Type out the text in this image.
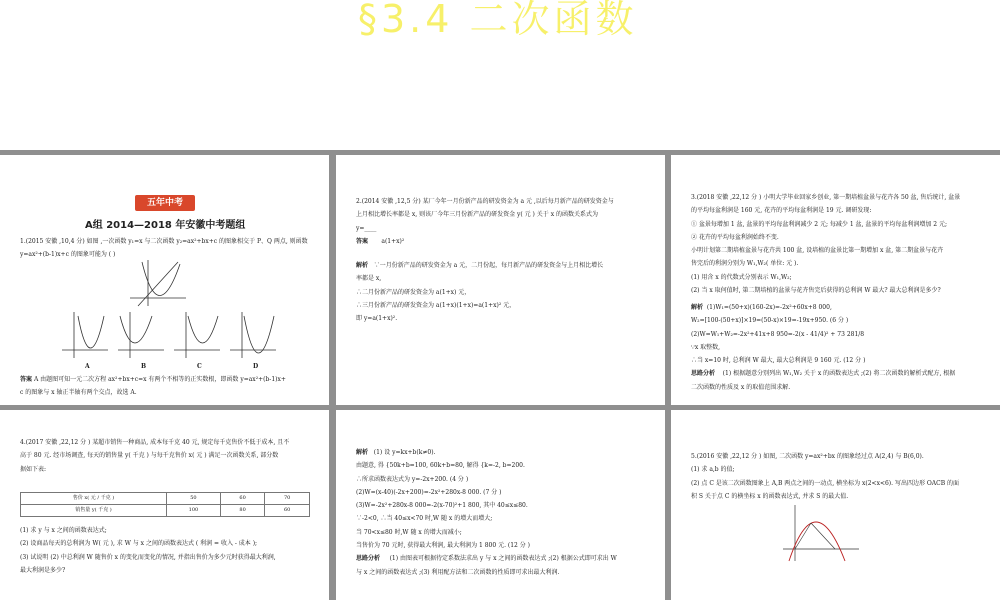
§3.4 二次函数
五年中考
A组 2014—2018 年安徽中考题组

1.(2015 安徽 ,10,4 分) 如图 ,一次函数 y₁=x 与二次函数 y₂=ax²+bx+c 的图象相交于 P、Q 两点, 则函数

y=ax²+(b-1)x+c 的图象可能为 ( )

A	B	C	D

答案 A 由题图可知一元二次方程 ax²+bx+c=x 有两个不相等的正实数根，即函数 y=ax²+(b-1)x+

c 的图象与 x 轴正半轴有两个交点，故选 A.

2.(2014 安徽 ,12,5 分) 某厂今年一月份新产品的研发资金为 a 元 ,以后每月新产品的研发资金与

上月相比增长率都是 x, 则该厂今年三月份新产品的研发资金 y( 元 ) 关于 x 的函数关系式为

y=____

答案 a(1+x)²

解析 ∵一月份新产品的研发资金为 a 元，二月份起，每月新产品的研发资金与上月相比增长

率都是 x,

∴二月份新产品的研发资金为 a(1+x) 元，

∴三月份新产品的研发资金为 a(1+x)(1+x)=a(1+x)² 元，

即 y=a(1+x)².

3.(2018 安徽 ,22,12 分 ) 小明大学毕业回家乡创业, 第一期培植盆景与花卉各 50 盆, 售后统计, 盆景

的平均每盆利润是 160 元, 花卉的平均每盆利润是 19 元. 调研发现:

① 盆景每增加 1 盆, 盆景的平均每盆利润减少 2 元; 每减少 1 盆, 盆景的平均每盆利润增加 2 元;

② 花卉的平均每盆利润始终不变.

小明计划第二期培植盆景与花卉共 100 盆, 设培植的盆景比第一期增加 x 盆, 第二期盆景与花卉

售完后的利润分别为 W₁,W₂( 单位: 元 ).

(1) 用含 x 的代数式分别表示 W₁,W₂;

(2) 当 x 取何值时, 第二期培植的盆景与花卉售完后获得的总利润 W 最大? 最大总利润是多少?

解析 (1)W₁=(50+x)(160-2x)=-2x²+60x+8 000,

W₂=[100-(50+x)]×19=(50-x)×19=-19x+950. (6 分 )

(2)W=W₁+W₂=-2x²+41x+8 950=-2(x - 41/4)² + 73 281/8

∵x 取整数,

∴当 x=10 时, 总利润 W 最大, 最大总利润是 9 160 元. (12 分 )

思路分析 (1) 根据题意分别列出 W₁,W₂ 关于 x 的函数表达式 ;(2) 将二次函数的解析式配方, 根据

二次函数的性质及 x 的取值范围求解.

4.(2017 安徽 ,22,12 分 ) 某超市销售一种商品, 成本每千克 40 元, 规定每千克售价不低于成本, 且不

高于 80 元. 经市场调查, 每天的销售量 y( 千克 ) 与每千克售价 x( 元 ) 满足一次函数关系, 部分数

据如下表:

售价 x( 元 / 千克 )	50	60	70
销售量 y( 千克 )	100	80	60

(1) 求 y 与 x 之间的函数表达式;

(2) 设商品每天的总利润为 W( 元 ), 求 W 与 x 之间的函数表达式 ( 利润 = 收入 - 成本 );

(3) 试说明 (2) 中总利润 W 随售价 x 的变化而变化的情况, 并指出售价为多少元时获得最大利润,

最大利润是多少?

解析 (1) 设 y=kx+b(k≠0).

由题意, 得 {50k+b=100, 60k+b=80, 解得 {k=-2, b=200.

∴所求函数表达式为 y=-2x+200. (4 分 )

(2)W=(x-40)(-2x+200)=-2x²+280x-8 000. (7 分 )

(3)W=-2x²+280x-8 000=-2(x-70)²+1 800, 其中 40≤x≤80.

∵-2<0, ∴当 40≤x<70 时,W 随 x 的增大而增大;

当 70<x≤80 时,W 随 x 的增大而减小;

当售价为 70 元时, 获得最大利润, 最大利润为 1 800 元. (12 分 )

思路分析 (1) 由图表可根据待定系数法求出 y 与 x 之间的函数表达式 ;(2) 根据公式即可求出 W

与 x 之间的函数表达式 ;(3) 利用配方法和二次函数的性质即可求出最大利润.

5.(2016 安徽 ,22,12 分 ) 如图, 二次函数 y=ax²+bx 的图象经过点 A(2,4) 与 B(6,0).

(1) 求 a,b 的值;

(2) 点 C 是该二次函数图象上 A,B 两点之间的一动点, 横坐标为 x(2<x<6). 写出四边形 OACB 的面

积 S 关于点 C 的横坐标 x 的函数表达式, 并求 S 的最大值.
